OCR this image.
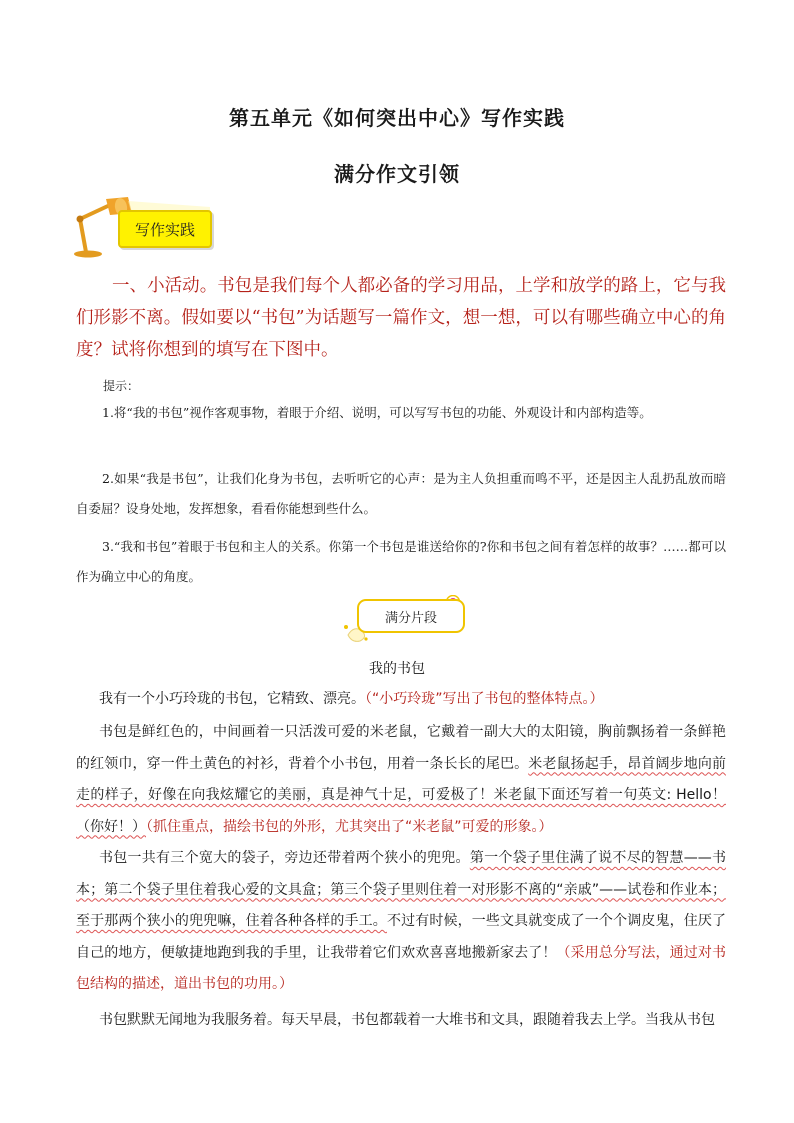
第五单元《如何突出中心》写作实践
满分作文引领
写作实践
一、小活动。书包是我们每个人都必备的学习用品，上学和放学的路上，它与我们形影不离。假如要以“书包”为话题写一篇作文，想一想，可以有哪些确立中心的角度？试将你想到的填写在下图中。
提示：
1.将“我的书包”视作客观事物，着眼于介绍、说明，可以写写书包的功能、外观设计和内部构造等。
2.如果“我是书包”，让我们化身为书包，去听听它的心声：是为主人负担重而鸣不平，还是因主人乱扔乱放而暗自委屈？设身处地，发挥想象，看看你能想到些什么。
3.“我和书包”着眼于书包和主人的关系。你第一个书包是谁送给你的?你和书包之间有着怎样的故事？……都可以作为确立中心的角度。
满分片段
我的书包
我有一个小巧玲珑的书包，它精致、漂亮。（“小巧玲珑”写出了书包的整体特点。）
书包是鲜红色的，中间画着一只活泼可爱的米老鼠，它戴着一副大大的太阳镜，胸前飘扬着一条鲜艳的红领巾，穿一件土黄色的衬衫，背着个小书包，用着一条长长的尾巴。米老鼠扬起手，昂首阔步地向前走的样子，好像在向我炫耀它的美丽，真是神气十足，可爱极了！米老鼠下面还写着一句英文: Hello！（你好！）（抓住重点，描绘书包的外形，尤其突出了“米老鼠”可爱的形象。）
书包一共有三个宽大的袋子，旁边还带着两个狭小的兜兜。第一个袋子里住满了说不尽的智慧——书本；第二个袋子里住着我心爱的文具盒；第三个袋子里则住着一对形影不离的“亲戚”——试卷和作业本；至于那两个狭小的兜兜嘛，住着各种各样的手工。不过有时候，一些文具就变成了一个个调皮鬼，住厌了自己的地方，便敏捷地跑到我的手里，让我带着它们欢欢喜喜地搬新家去了！（采用总分写法，通过对书包结构的描述，道出书包的功用。）
书包默默无闻地为我服务着。每天早晨，书包都载着一大堆书和文具，跟随着我去上学。当我从书包
